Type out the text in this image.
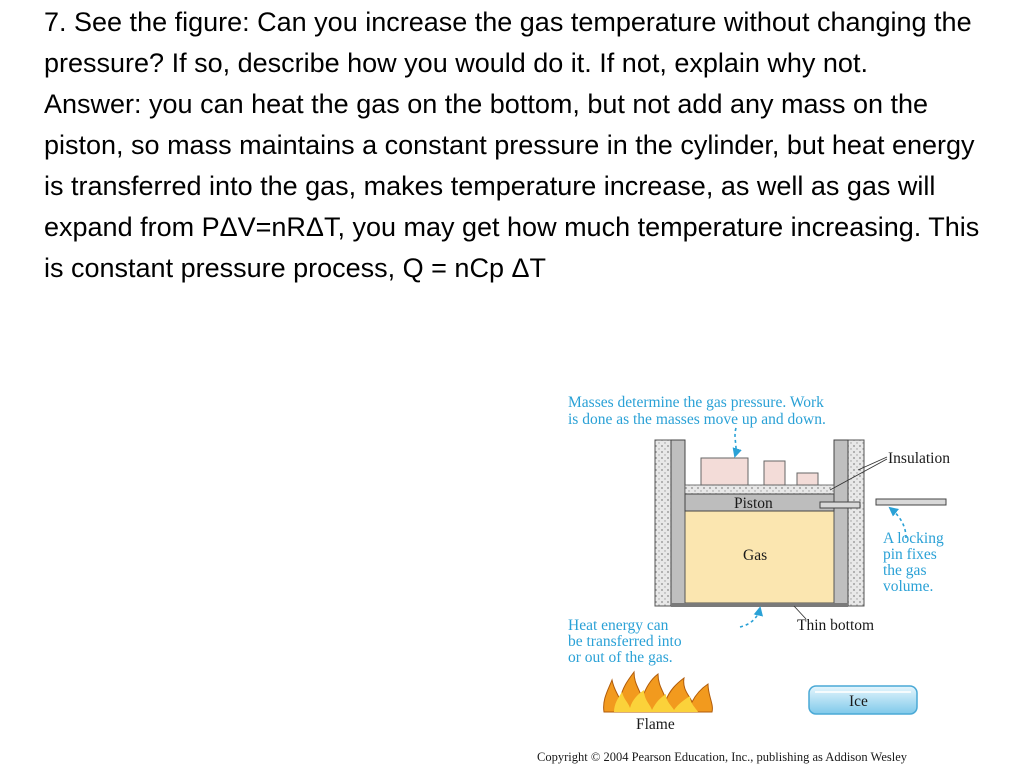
7. See the figure: Can you increase the gas temperature without changing the pressure? If so, describe how you would do it. If not, explain why not.

Answer: you can heat the gas on the bottom, but not add any mass on the piston, so mass maintains a constant pressure in the cylinder, but heat energy is transferred into the gas, makes temperature increase, as well as gas will expand from PΔV=nRΔT, you may get how much temperature increasing. This is constant pressure process, Q = nCp ΔT

Masses determine the gas pressure. Work
is done as the masses move up and down.
Gas
Piston
Insulation
A locking
pin fixes
the gas
volume.
Thin bottom
Heat energy can
be transferred into
or out of the gas.
Flame
Ice
Copyright © 2004 Pearson Education, Inc., publishing as Addison Wesley
